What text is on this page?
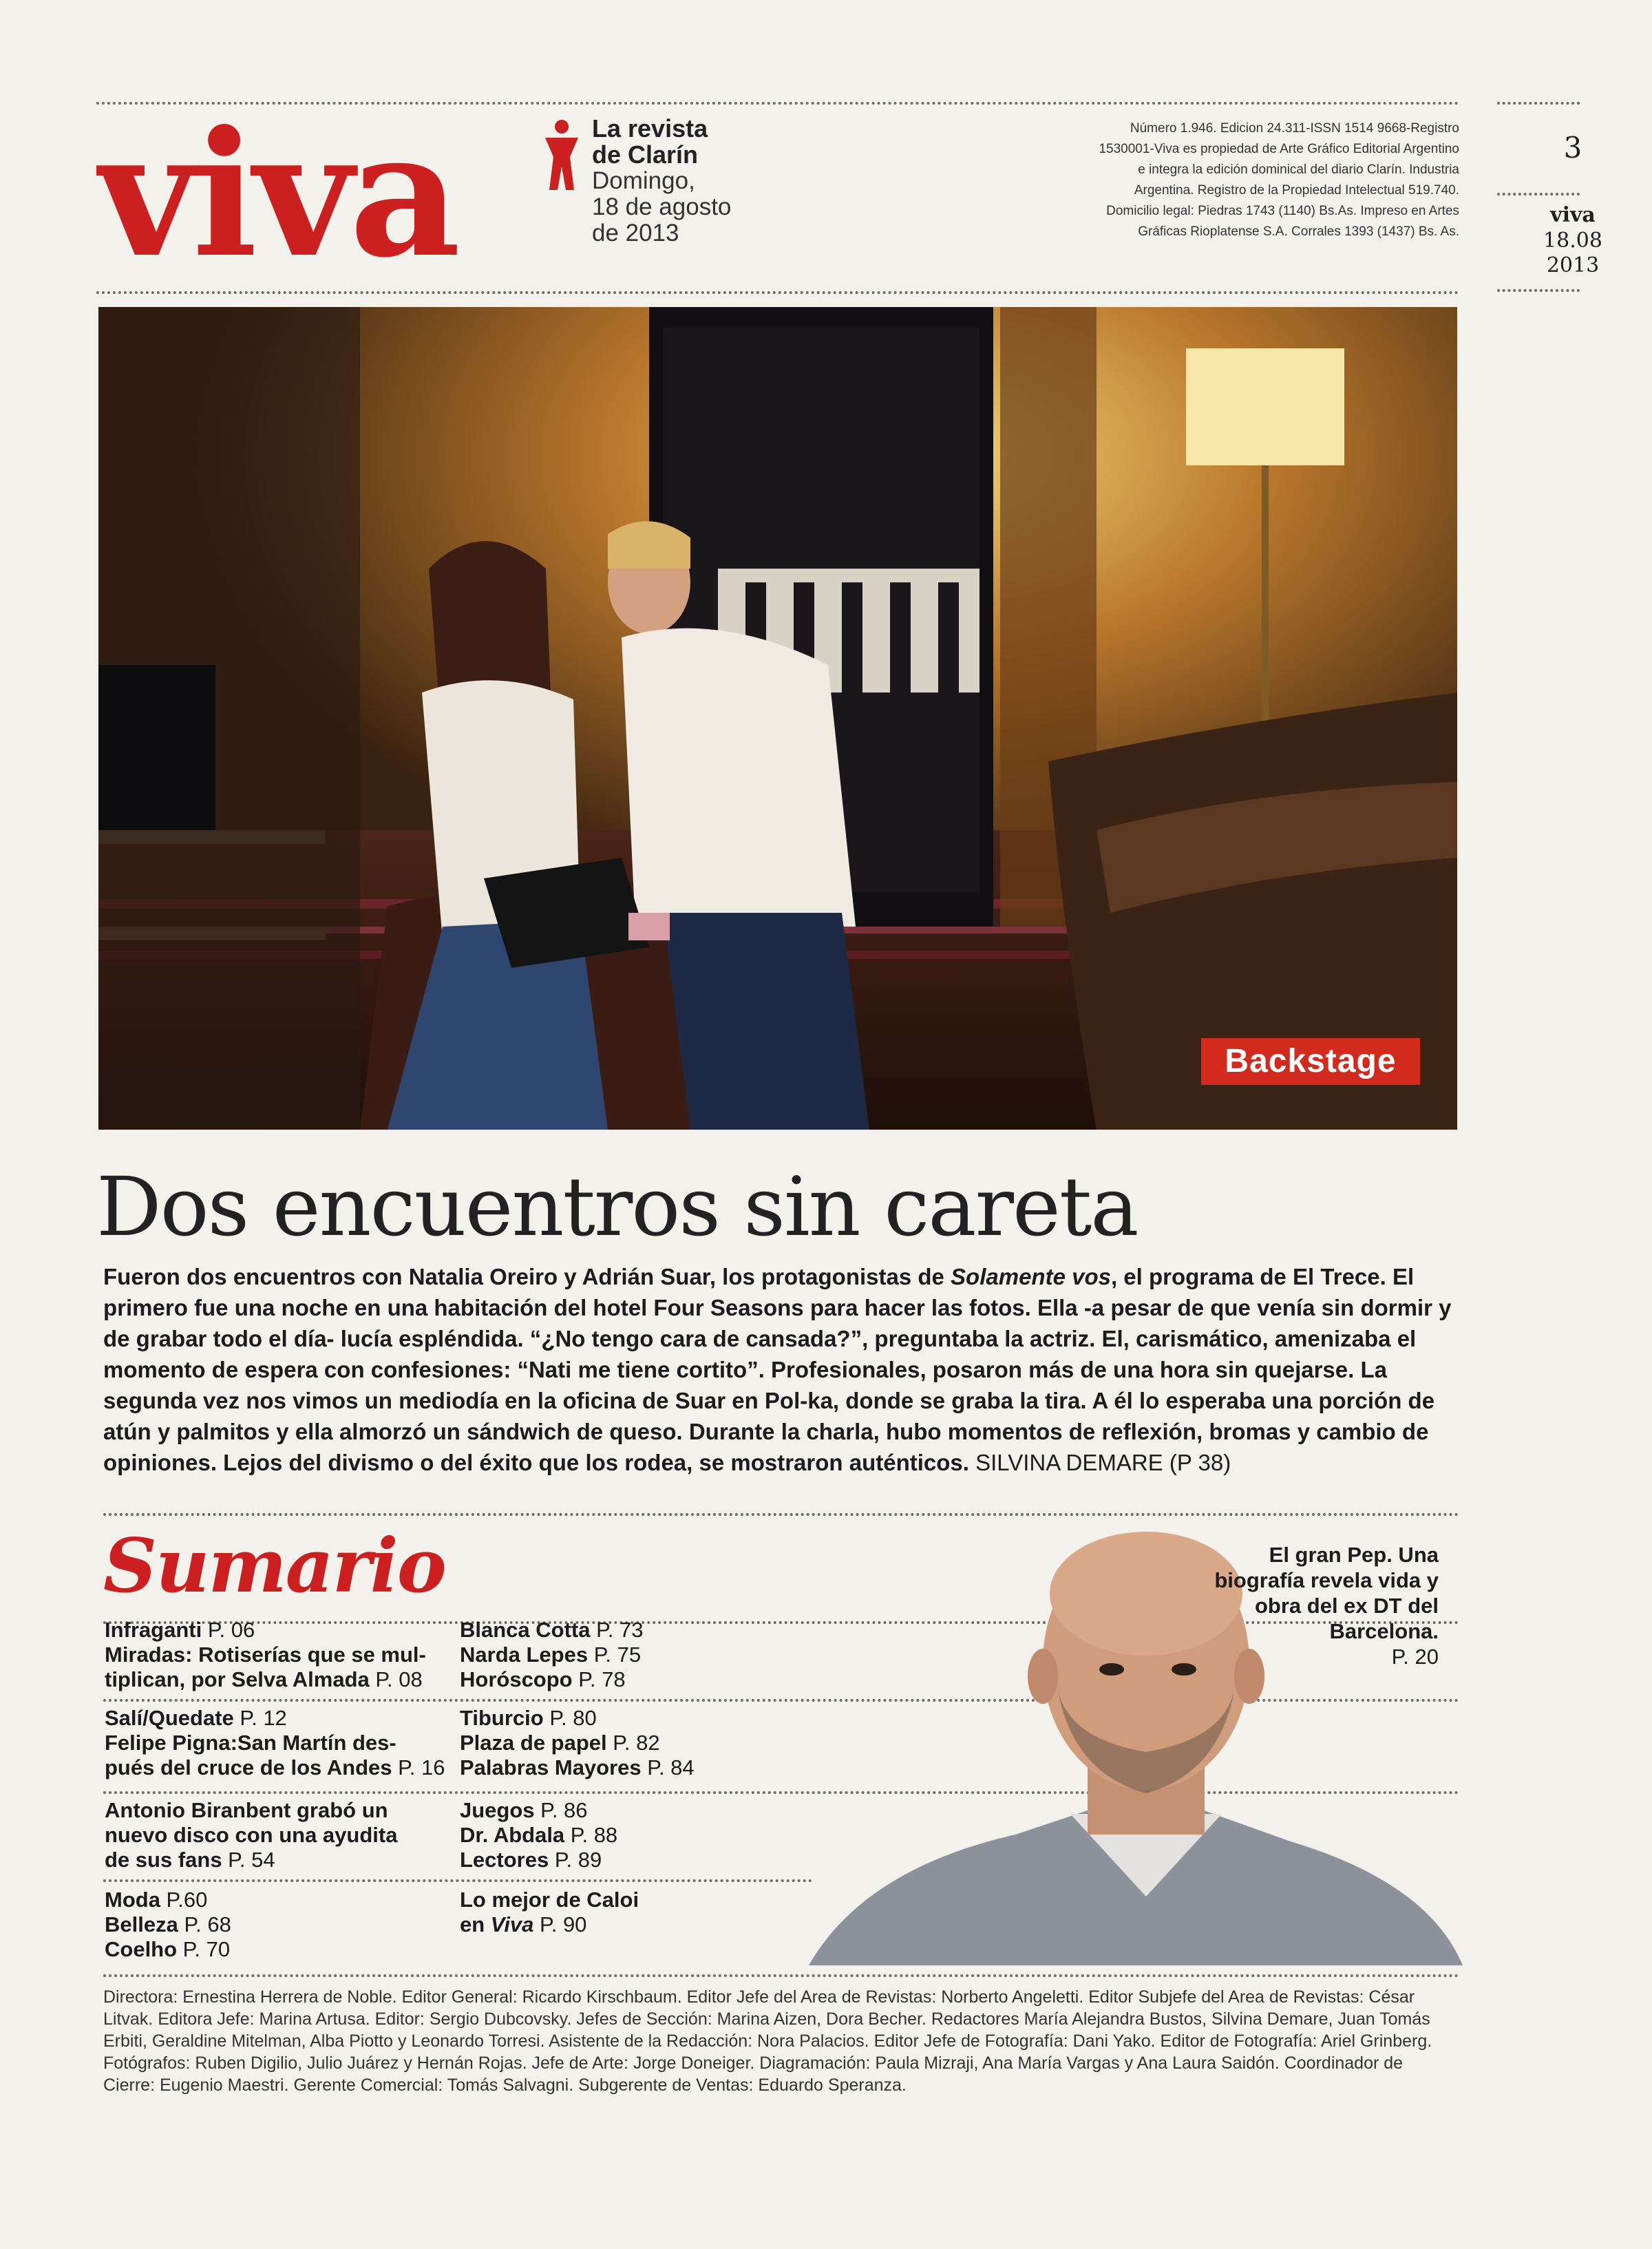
viva	La revista
de Clarín
Domingo,
18 de agosto
de 2013
Número 1.946. Edicion 24.311-ISSN 1514 9668-Registro
1530001-Viva es propiedad de Arte Gráfico Editorial Argentino
e integra la edición dominical del diario Clarín. Industria
Argentina. Registro de la Propiedad Intelectual 519.740.
Domicilio legal: Piedras 1743 (1140) Bs.As. Impreso en Artes
Gráficas Rioplatense S.A. Corrales 1393 (1437) Bs. As.
3
viva
18.08
2013
Backstage
Dos encuentros sin careta
Fueron dos encuentros con Natalia Oreiro y Adrián Suar, los protagonistas de Solamente vos, el programa de El Trece. El primero fue una noche en una habitación del hotel Four Seasons para hacer las fotos. Ella -a pesar de que venía sin dormir y de grabar todo el día- lucía espléndida. “¿No tengo cara de cansada?”, preguntaba la actriz. El, carismático, amenizaba el momento de espera con confesiones: “Nati me tiene cortito”. Profesionales, posaron más de una hora sin quejarse. La segunda vez nos vimos un mediodía en la oficina de Suar en Pol-ka, donde se graba la tira. A él lo esperaba una porción de atún y palmitos y ella almorzó un sándwich de queso. Durante la charla, hubo momentos de reflexión, bromas y cambio de opiniones. Lejos del divismo o del éxito que los rodea, se mostraron auténticos. SILVINA DEMARE (P 38)
Sumario
Infraganti P. 06
Miradas: Rotiserías que se mul-
tiplican, por Selva Almada P. 08
Blanca Cotta P. 73
Narda Lepes P. 75
Horóscopo P. 78
Salí/Quedate P. 12
Felipe Pigna:San Martín des-
pués del cruce de los Andes P. 16
Tiburcio P. 80
Plaza de papel P. 82
Palabras Mayores P. 84
Antonio Biranbent grabó un
nuevo disco con una ayudita
de sus fans P. 54
Juegos P. 86
Dr. Abdala P. 88
Lectores P. 89
Moda P.60
Belleza P. 68
Coelho P. 70
Lo mejor de Caloi
en Viva P. 90
El gran Pep. Una biografía revela vida y obra del ex DT del Barcelona.
P. 20
Directora: Ernestina Herrera de Noble. Editor General: Ricardo Kirschbaum. Editor Jefe del Area de Revistas: Norberto Angeletti. Editor Subjefe del Area de Revistas: César Litvak. Editora Jefe: Marina Artusa. Editor: Sergio Dubcovsky. Jefes de Sección: Marina Aizen, Dora Becher. Redactores María Alejandra Bustos, Silvina Demare, Juan Tomás Erbiti, Geraldine Mitelman, Alba Piotto y Leonardo Torresi. Asistente de la Redacción: Nora Palacios. Editor Jefe de Fotografía: Dani Yako. Editor de Fotografía: Ariel Grinberg. Fotógrafos: Ruben Digilio, Julio Juárez y Hernán Rojas. Jefe de Arte: Jorge Doneiger. Diagramación: Paula Mizraji, Ana María Vargas y Ana Laura Saidón. Coordinador de Cierre: Eugenio Maestri. Gerente Comercial: Tomás Salvagni. Subgerente de Ventas: Eduardo Speranza.
